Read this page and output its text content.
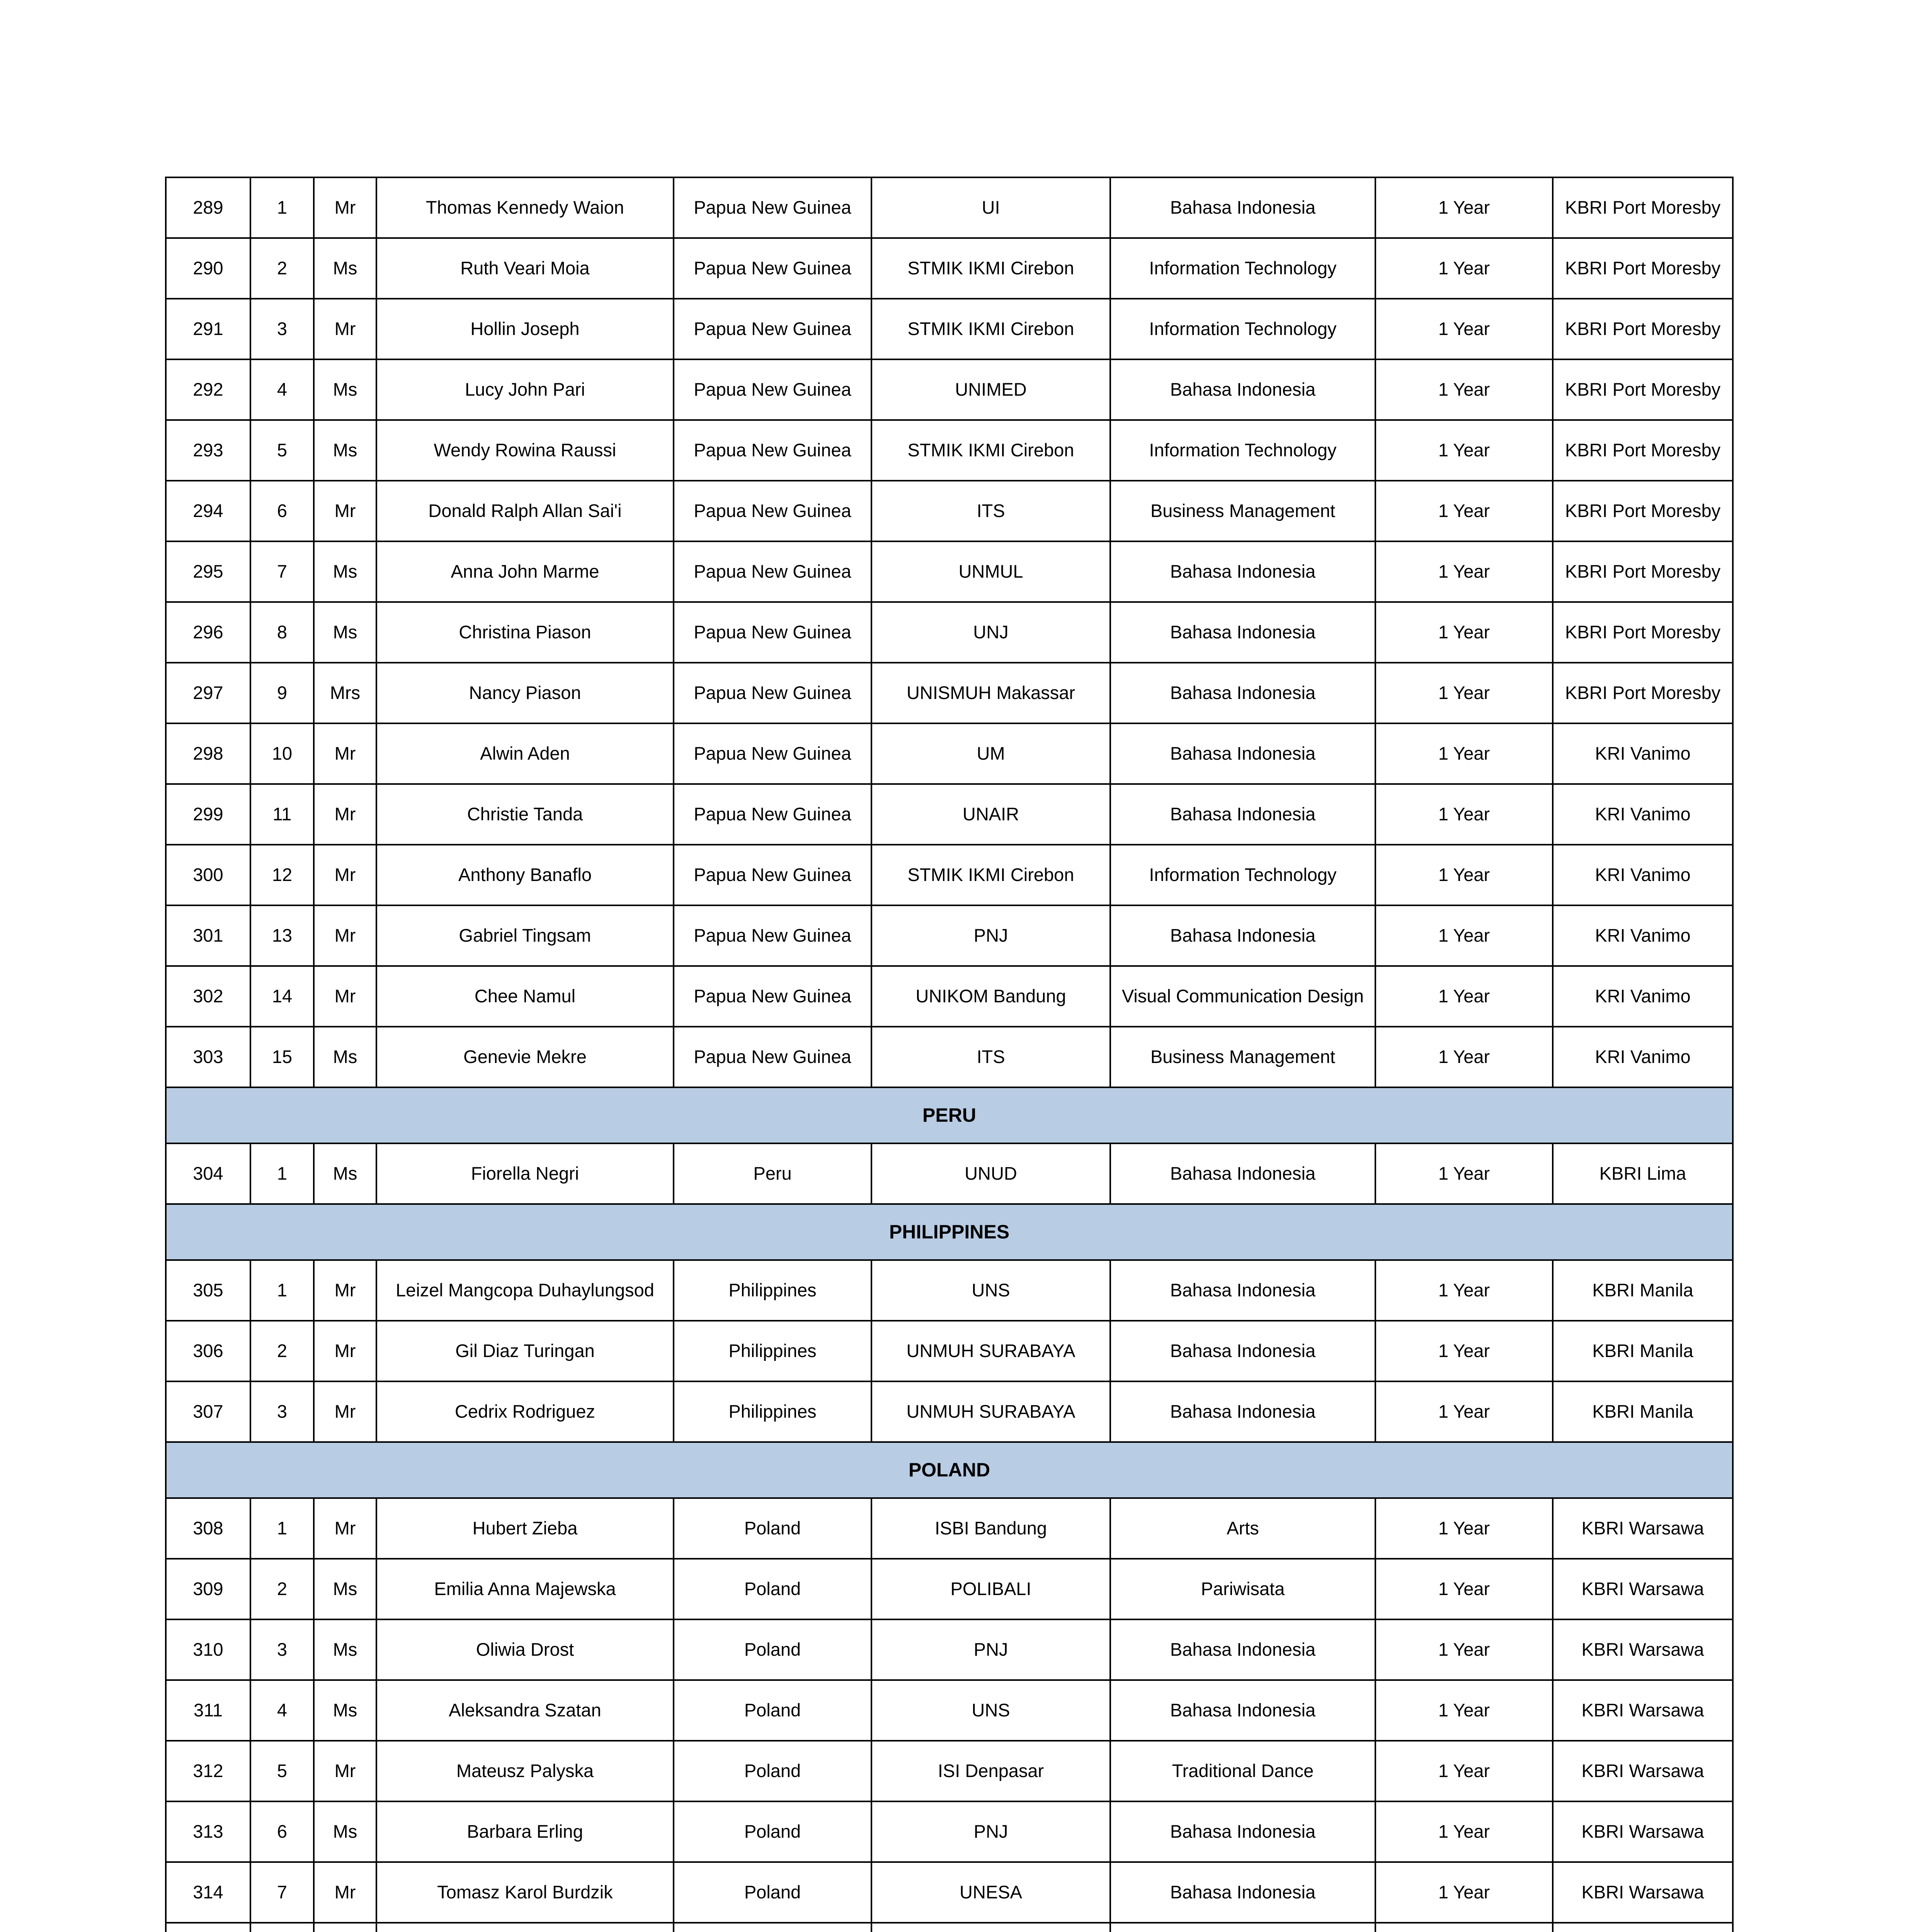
289	1	Mr	Thomas Kennedy Waion	Papua New Guinea	UI	Bahasa Indonesia	1 Year	KBRI Port Moresby
290	2	Ms	Ruth Veari Moia	Papua New Guinea	STMIK IKMI Cirebon	Information Technology	1 Year	KBRI Port Moresby
291	3	Mr	Hollin Joseph	Papua New Guinea	STMIK IKMI Cirebon	Information Technology	1 Year	KBRI Port Moresby
292	4	Ms	Lucy John Pari	Papua New Guinea	UNIMED	Bahasa Indonesia	1 Year	KBRI Port Moresby
293	5	Ms	Wendy Rowina Raussi	Papua New Guinea	STMIK IKMI Cirebon	Information Technology	1 Year	KBRI Port Moresby
294	6	Mr	Donald Ralph Allan Sai'i	Papua New Guinea	ITS	Business Management	1 Year	KBRI Port Moresby
295	7	Ms	Anna John Marme	Papua New Guinea	UNMUL	Bahasa Indonesia	1 Year	KBRI Port Moresby
296	8	Ms	Christina Piason	Papua New Guinea	UNJ	Bahasa Indonesia	1 Year	KBRI Port Moresby
297	9	Mrs	Nancy Piason	Papua New Guinea	UNISMUH Makassar	Bahasa Indonesia	1 Year	KBRI Port Moresby
298	10	Mr	Alwin Aden	Papua New Guinea	UM	Bahasa Indonesia	1 Year	KRI Vanimo
299	11	Mr	Christie Tanda	Papua New Guinea	UNAIR	Bahasa Indonesia	1 Year	KRI Vanimo
300	12	Mr	Anthony Banaflo	Papua New Guinea	STMIK IKMI Cirebon	Information Technology	1 Year	KRI Vanimo
301	13	Mr	Gabriel Tingsam	Papua New Guinea	PNJ	Bahasa Indonesia	1 Year	KRI Vanimo
302	14	Mr	Chee Namul	Papua New Guinea	UNIKOM Bandung	Visual Communication Design	1 Year	KRI Vanimo
303	15	Ms	Genevie Mekre	Papua New Guinea	ITS	Business Management	1 Year	KRI Vanimo
PERU								
304	1	Ms	Fiorella Negri	Peru	UNUD	Bahasa Indonesia	1 Year	KBRI Lima
PHILIPPINES								
305	1	Mr	Leizel Mangcopa Duhaylungsod	Philippines	UNS	Bahasa Indonesia	1 Year	KBRI Manila
306	2	Mr	Gil Diaz Turingan	Philippines	UNMUH SURABAYA	Bahasa Indonesia	1 Year	KBRI Manila
307	3	Mr	Cedrix Rodriguez	Philippines	UNMUH SURABAYA	Bahasa Indonesia	1 Year	KBRI Manila
POLAND								
308	1	Mr	Hubert Zieba	Poland	ISBI Bandung	Arts	1 Year	KBRI Warsawa
309	2	Ms	Emilia Anna Majewska	Poland	POLIBALI	Pariwisata	1 Year	KBRI Warsawa
310	3	Ms	Oliwia Drost	Poland	PNJ	Bahasa Indonesia	1 Year	KBRI Warsawa
311	4	Ms	Aleksandra Szatan	Poland	UNS	Bahasa Indonesia	1 Year	KBRI Warsawa
312	5	Mr	Mateusz Palyska	Poland	ISI Denpasar	Traditional Dance	1 Year	KBRI Warsawa
313	6	Ms	Barbara Erling	Poland	PNJ	Bahasa Indonesia	1 Year	KBRI Warsawa
314	7	Mr	Tomasz Karol Burdzik	Poland	UNESA	Bahasa Indonesia	1 Year	KBRI Warsawa
